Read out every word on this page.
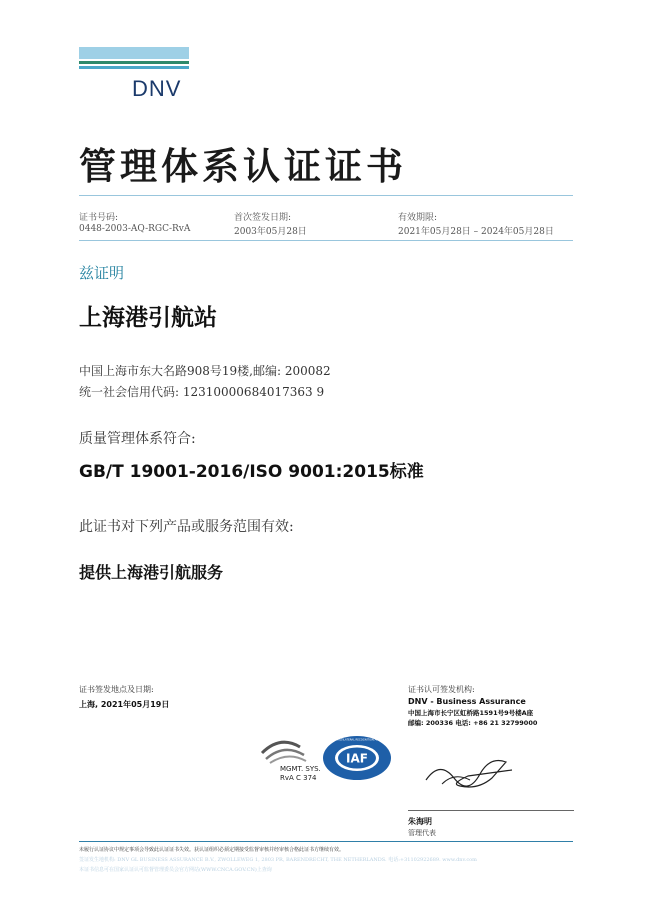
DNV
管理体系认证证书
证书号码:
0448-2003-AQ-RGC-RvA
首次签发日期:
2003年05月28日
有效期限:
2021年05月28日 – 2024年05月28日
兹证明
上海港引航站
中国上海市东大名路908号19楼,邮编: 200082
统一社会信用代码: 12310000684017363 9
质量管理体系符合:
GB/T 19001-2016/ISO 9001:2015标准
此证书对下列产品或服务范围有效:
提供上海港引航服务
证书签发地点及日期:
上海, 2021年05月19日
证书认可签发机构:
DNV - Business Assurance
中国上海市长宁区虹桥路1591号9号楼A座
邮编: 200336 电话: +86 21 32799000
MGMT. SYS.
RvA C 374
MEMBER OF MULTILATERAL RECOGNITION ARRANGEMENT
IAF
朱海明
管理代表
未履行认证协议中规定事项会导致此认证证书失效。获认证组织必须定期接受监督审核并经审核合格此证书方继续有效。
签证发生地机构: DNV GL BUSINESS ASSURANCE B.V., ZWOLLEWEG 1, 2803 PR, BARENDRECHT, THE NETHERLANDS. 电话:+31102922689. www.dnv.com
本证书信息可在国家认证认可监督管理委员会官方网站(WWW.CNCA.GOV.CN)上查询
